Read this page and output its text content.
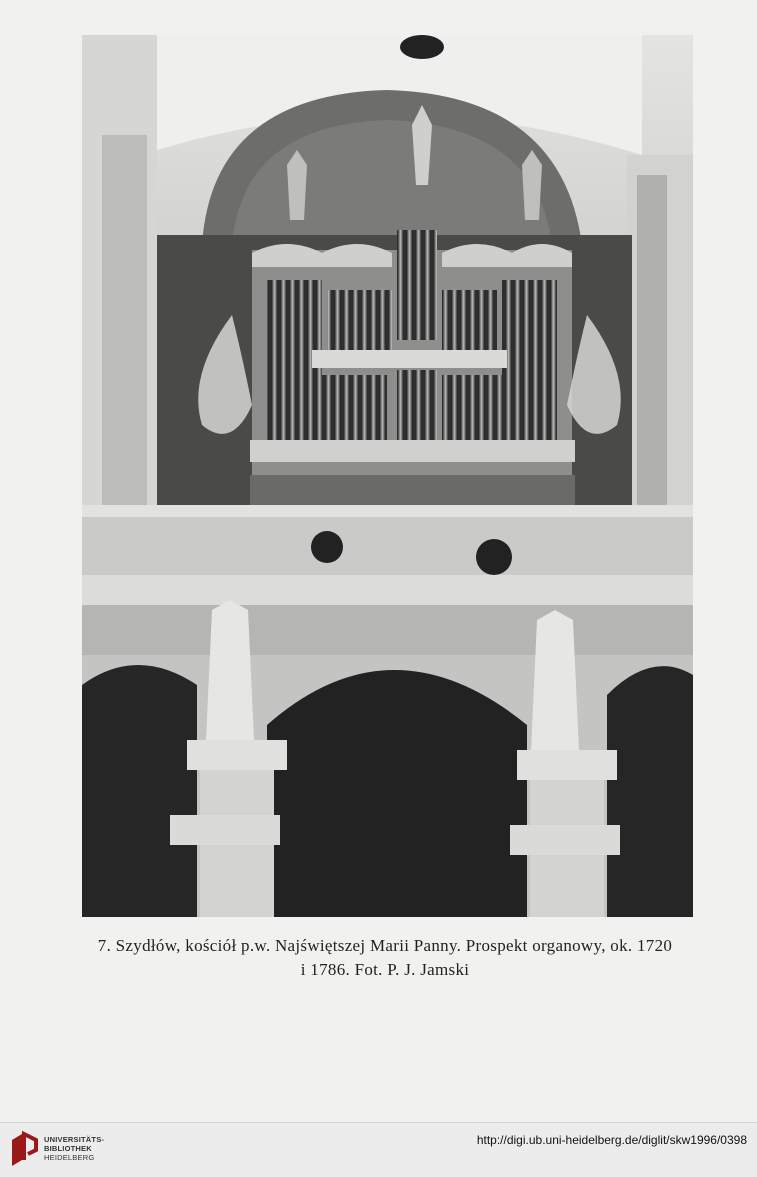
7. Szydłów, kościół p.w. Najświętszej Marii Panny. Prospekt organowy, ok. 1720
i 1786. Fot. P. J. Jamski
UNIVERSITÄTS-
BIBLIOTHEK
HEIDELBERG
http://digi.ub.uni-heidelberg.de/diglit/skw1996/0398
